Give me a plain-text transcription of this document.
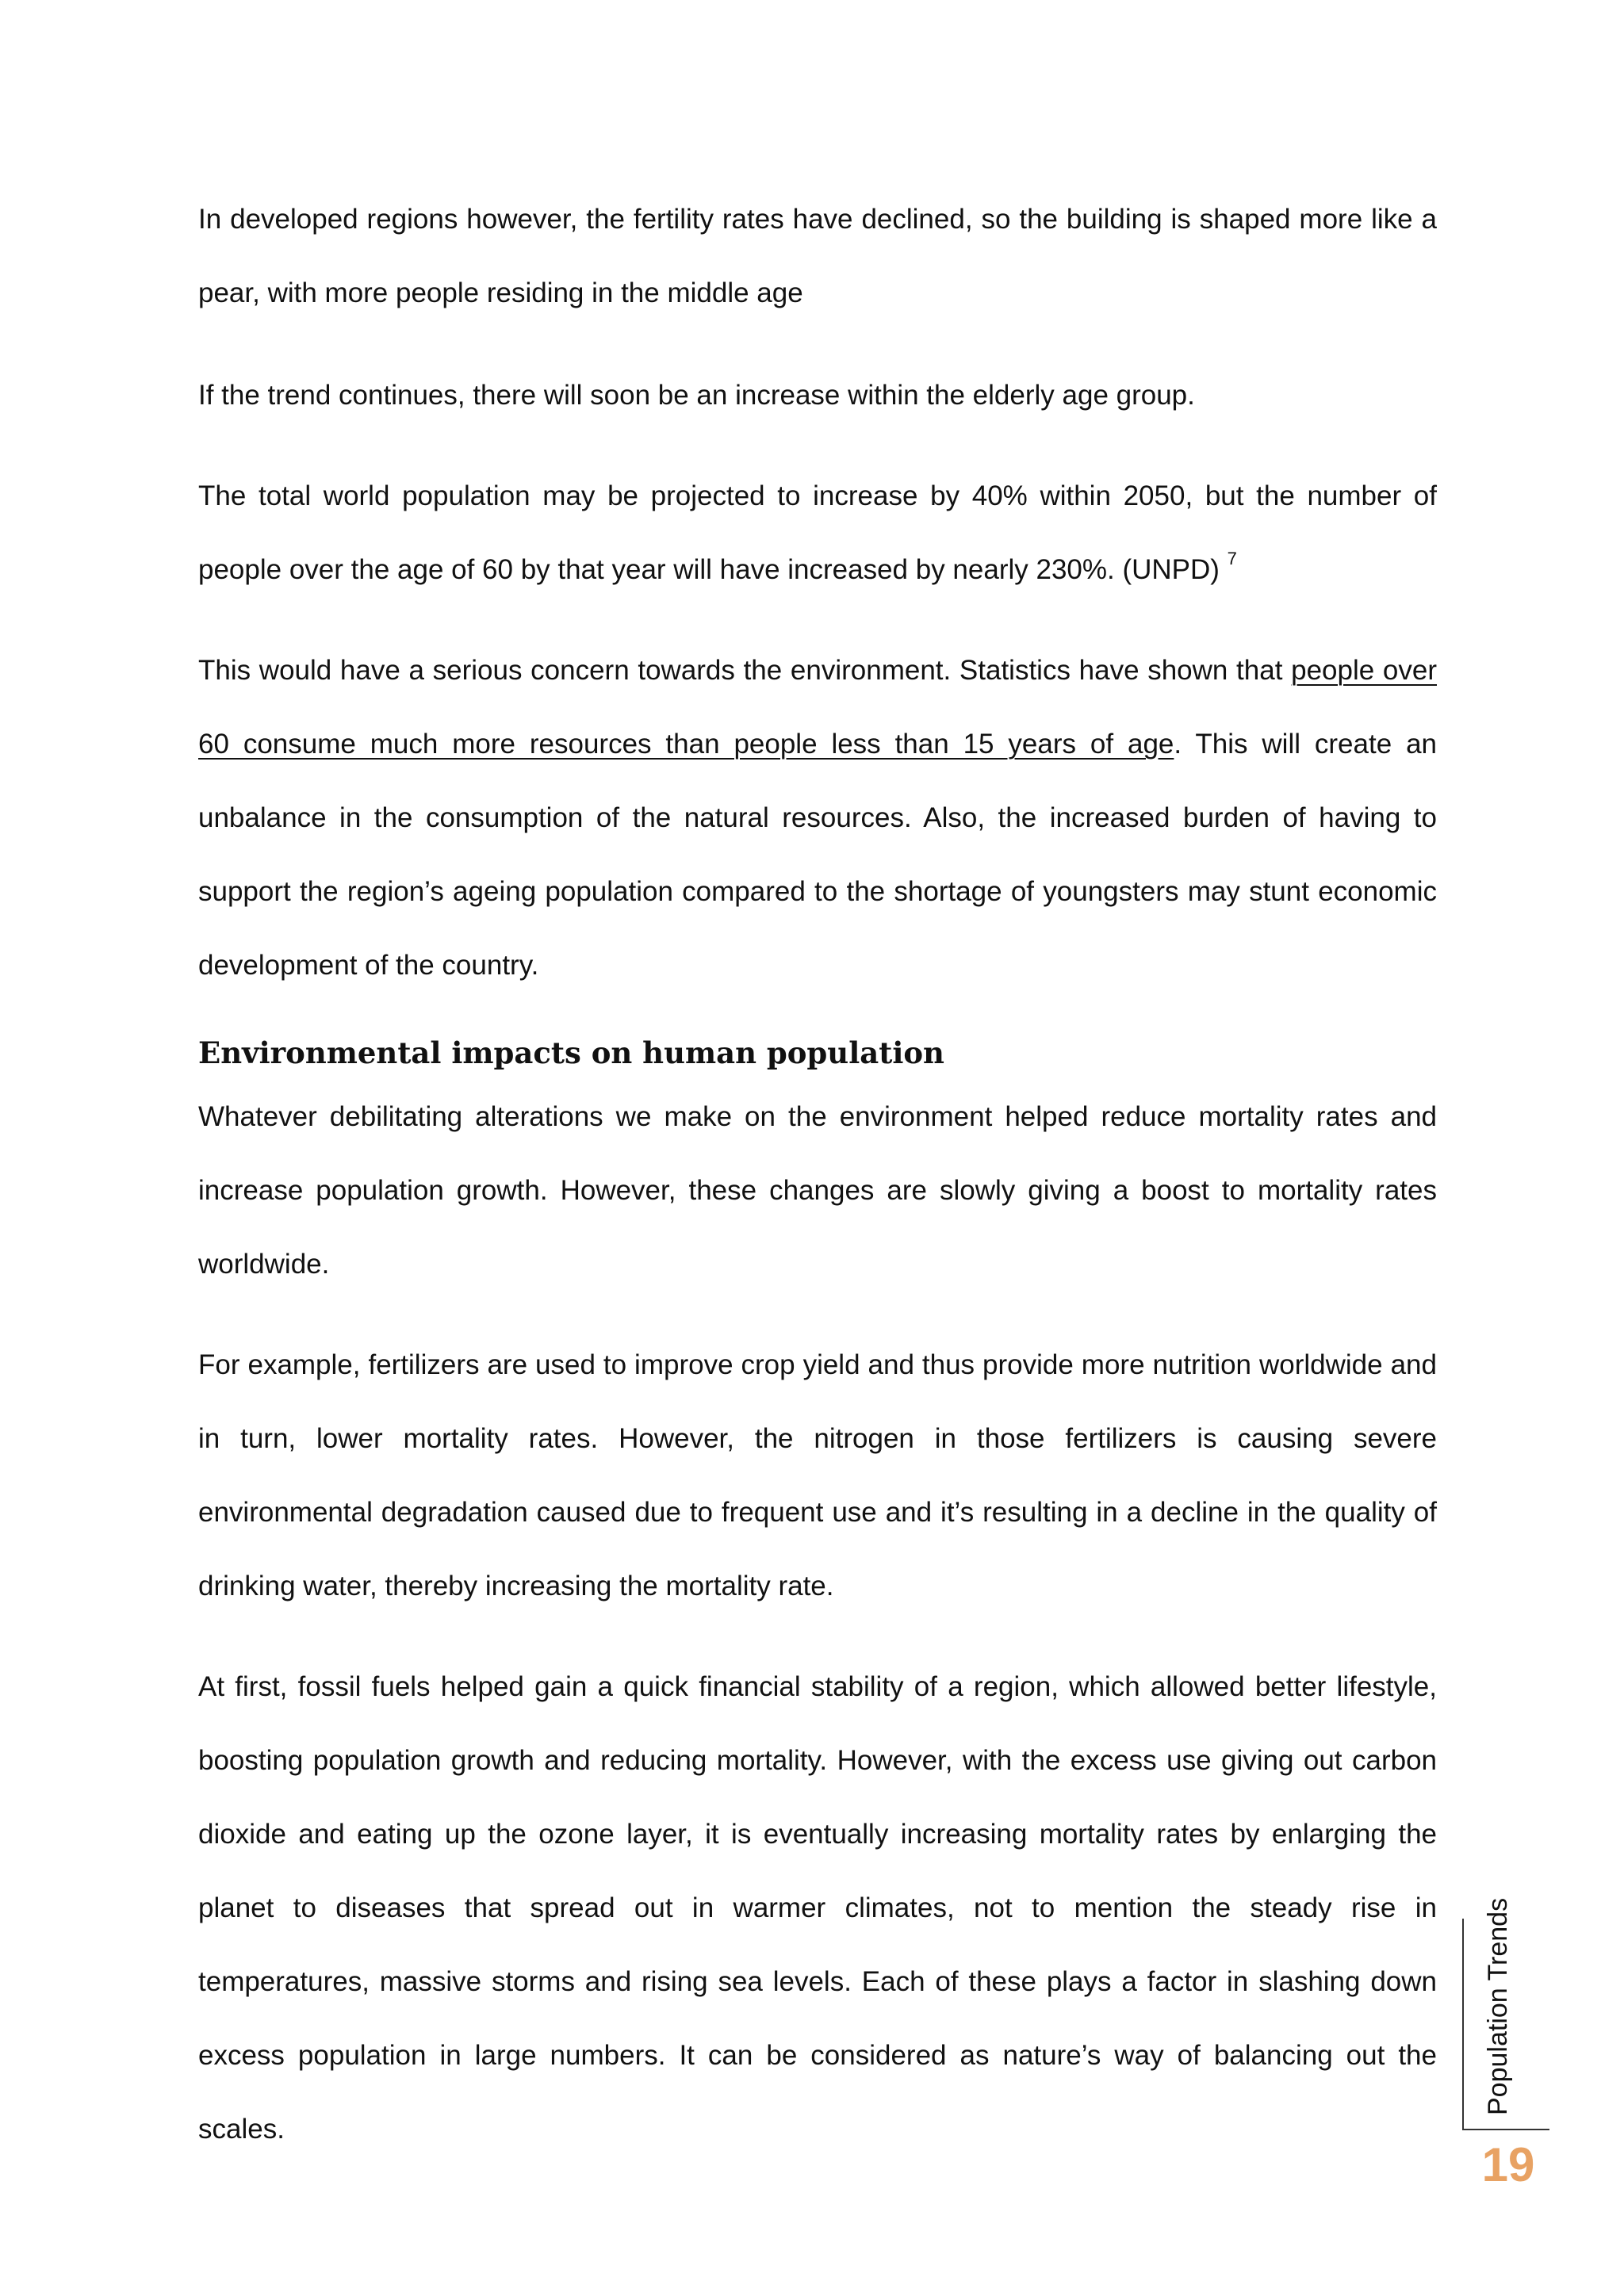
In developed regions however, the fertility rates have declined, so the building is shaped more like a pear, with more people residing in the middle age

If the trend continues, there will soon be an increase within the elderly age group.

The total world population may be projected to increase by 40% within 2050, but the number of people over the age of 60 by that year will have increased by nearly 230%. (UNPD) $^7$

This would have a serious concern towards the environment. Statistics have shown that people over 60 consume much more resources than people less than 15 years of age. This will create an unbalance in the consumption of the natural resources. Also, the increased burden of having to support the region’s ageing population compared to the shortage of youngsters may stunt economic development of the country.

Environmental impacts on human population

Whatever debilitating alterations we make on the environment helped reduce mortality rates and increase population growth. However, these changes are slowly giving a boost to mortality rates worldwide.

For example, fertilizers are used to improve crop yield and thus provide more nutrition worldwide and in turn, lower mortality rates. However, the nitrogen in those fertilizers is causing severe environmental degradation caused due to frequent use and it’s resulting in a decline in the quality of drinking water, thereby increasing the mortality rate.

At first, fossil fuels helped gain a quick financial stability of a region, which allowed better lifestyle, boosting population growth and reducing mortality. However, with the excess use giving out carbon dioxide and eating up the ozone layer, it is eventually increasing mortality rates by enlarging the planet to diseases that spread out in warmer climates, not to mention the steady rise in temperatures, massive storms and rising sea levels. Each of these plays a factor in slashing down excess population in large numbers. It can be considered as nature’s way of balancing out the scales.

Population Trends
19
